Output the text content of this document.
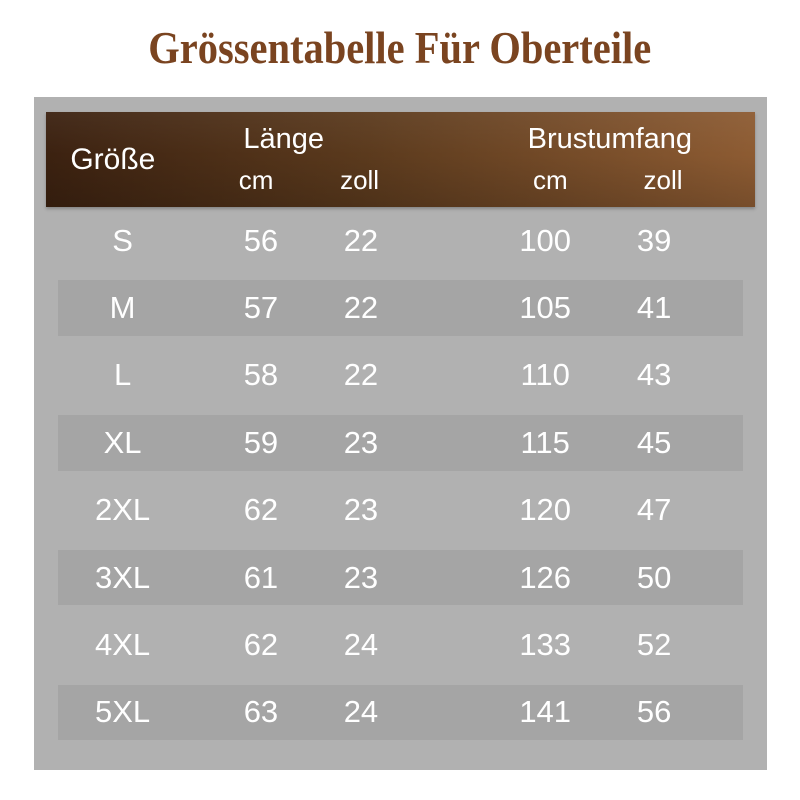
Grössentabelle Für Oberteile
Größe
Länge
cm	zoll
Brustumfang
cm	zoll
S	56	22	100	39
M	57	22	105	41
L	58	22	110	43
XL	59	23	115	45
2XL	62	23	120	47
3XL	61	23	126	50
4XL	62	24	133	52
5XL	63	24	141	56
